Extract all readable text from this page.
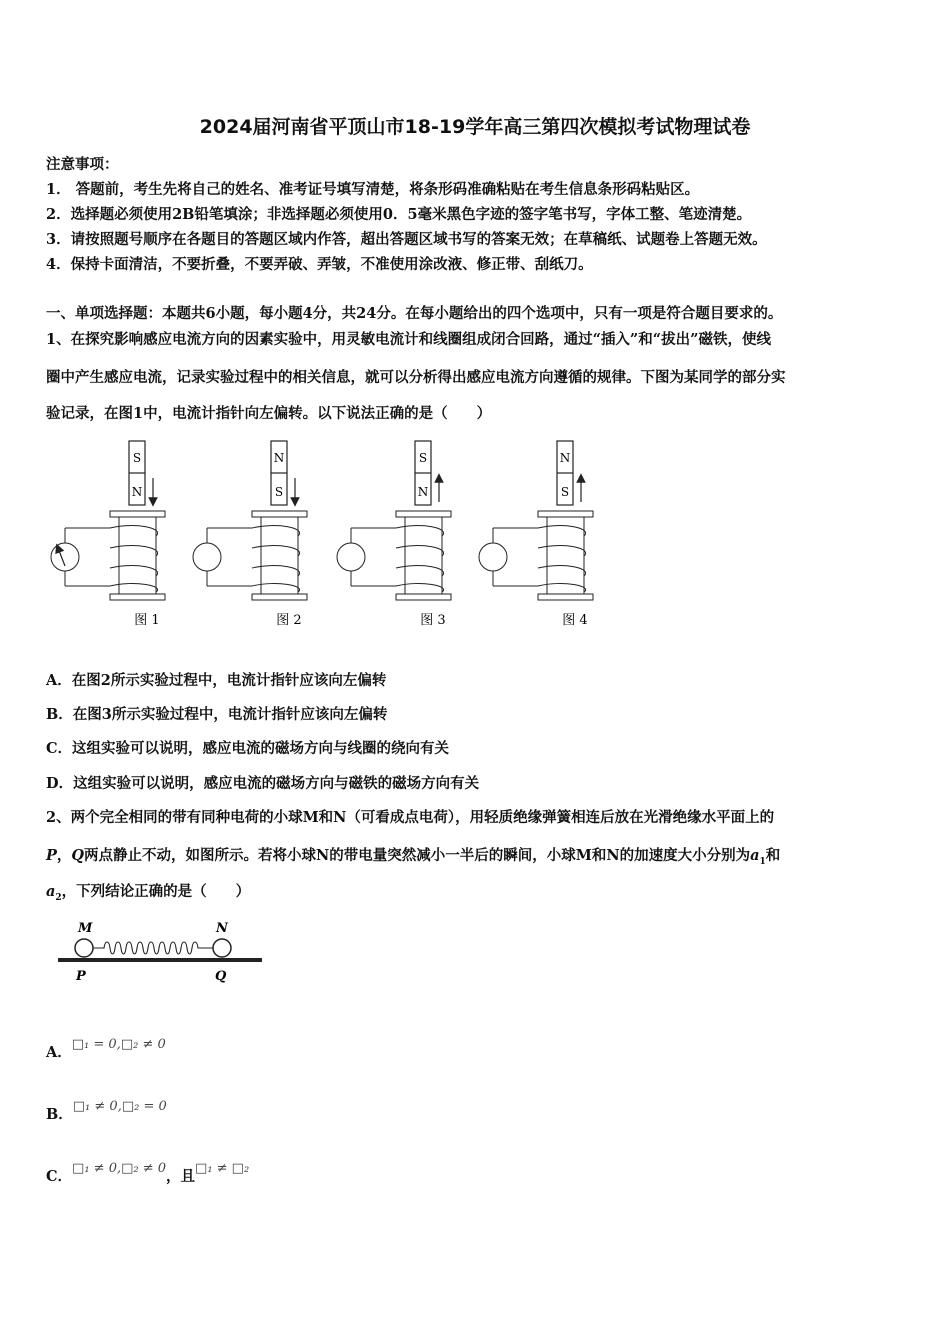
2024届河南省平顶山市18-19学年高三第四次模拟考试物理试卷
注意事项：
1． 答题前，考生先将自己的姓名、准考证号填写清楚，将条形码准确粘贴在考生信息条形码粘贴区。
2．选择题必须使用2B铅笔填涂；非选择题必须使用0．5毫米黑色字迹的签字笔书写，字体工整、笔迹清楚。
3．请按照题号顺序在各题目的答题区域内作答，超出答题区域书写的答案无效；在草稿纸、试题卷上答题无效。
4．保持卡面清洁，不要折叠，不要弄破、弄皱，不准使用涂改液、修正带、刮纸刀。
一、单项选择题：本题共6小题，每小题4分，共24分。在每小题给出的四个选项中，只有一项是符合题目要求的。
1、在探究影响感应电流方向的因素实验中，用灵敏电流计和线圈组成闭合回路，通过“插入”和“拔出”磁铁，使线
圈中产生感应电流，记录实验过程中的相关信息，就可以分析得出感应电流方向遵循的规律。下图为某同学的部分实
验记录，在图1中，电流计指针向左偏转。以下说法正确的是（　　）
S
N
图 1
N
S
图 2
S
N
图 3
N
S
图 4
A．在图2所示实验过程中，电流计指针应该向左偏转
B．在图3所示实验过程中，电流计指针应该向左偏转
C．这组实验可以说明，感应电流的磁场方向与线圈的绕向有关
D．这组实验可以说明，感应电流的磁场方向与磁铁的磁场方向有关
2、两个完全相同的带有同种电荷的小球M和N（可看成点电荷），用轻质绝缘弹簧相连后放在光滑绝缘水平面上的
P，Q两点静止不动，如图所示。若将小球N的带电量突然减小一半后的瞬间，小球M和N的加速度大小分别为$a_1$和
$a_2$，下列结论正确的是（　　）
M	N
P	Q
A．□₁ = 0,□₂ ≠ 0
B．□₁ ≠ 0,□₂ = 0
C．□₁ ≠ 0,□₂ ≠ 0，且□₁ ≠ □₂
